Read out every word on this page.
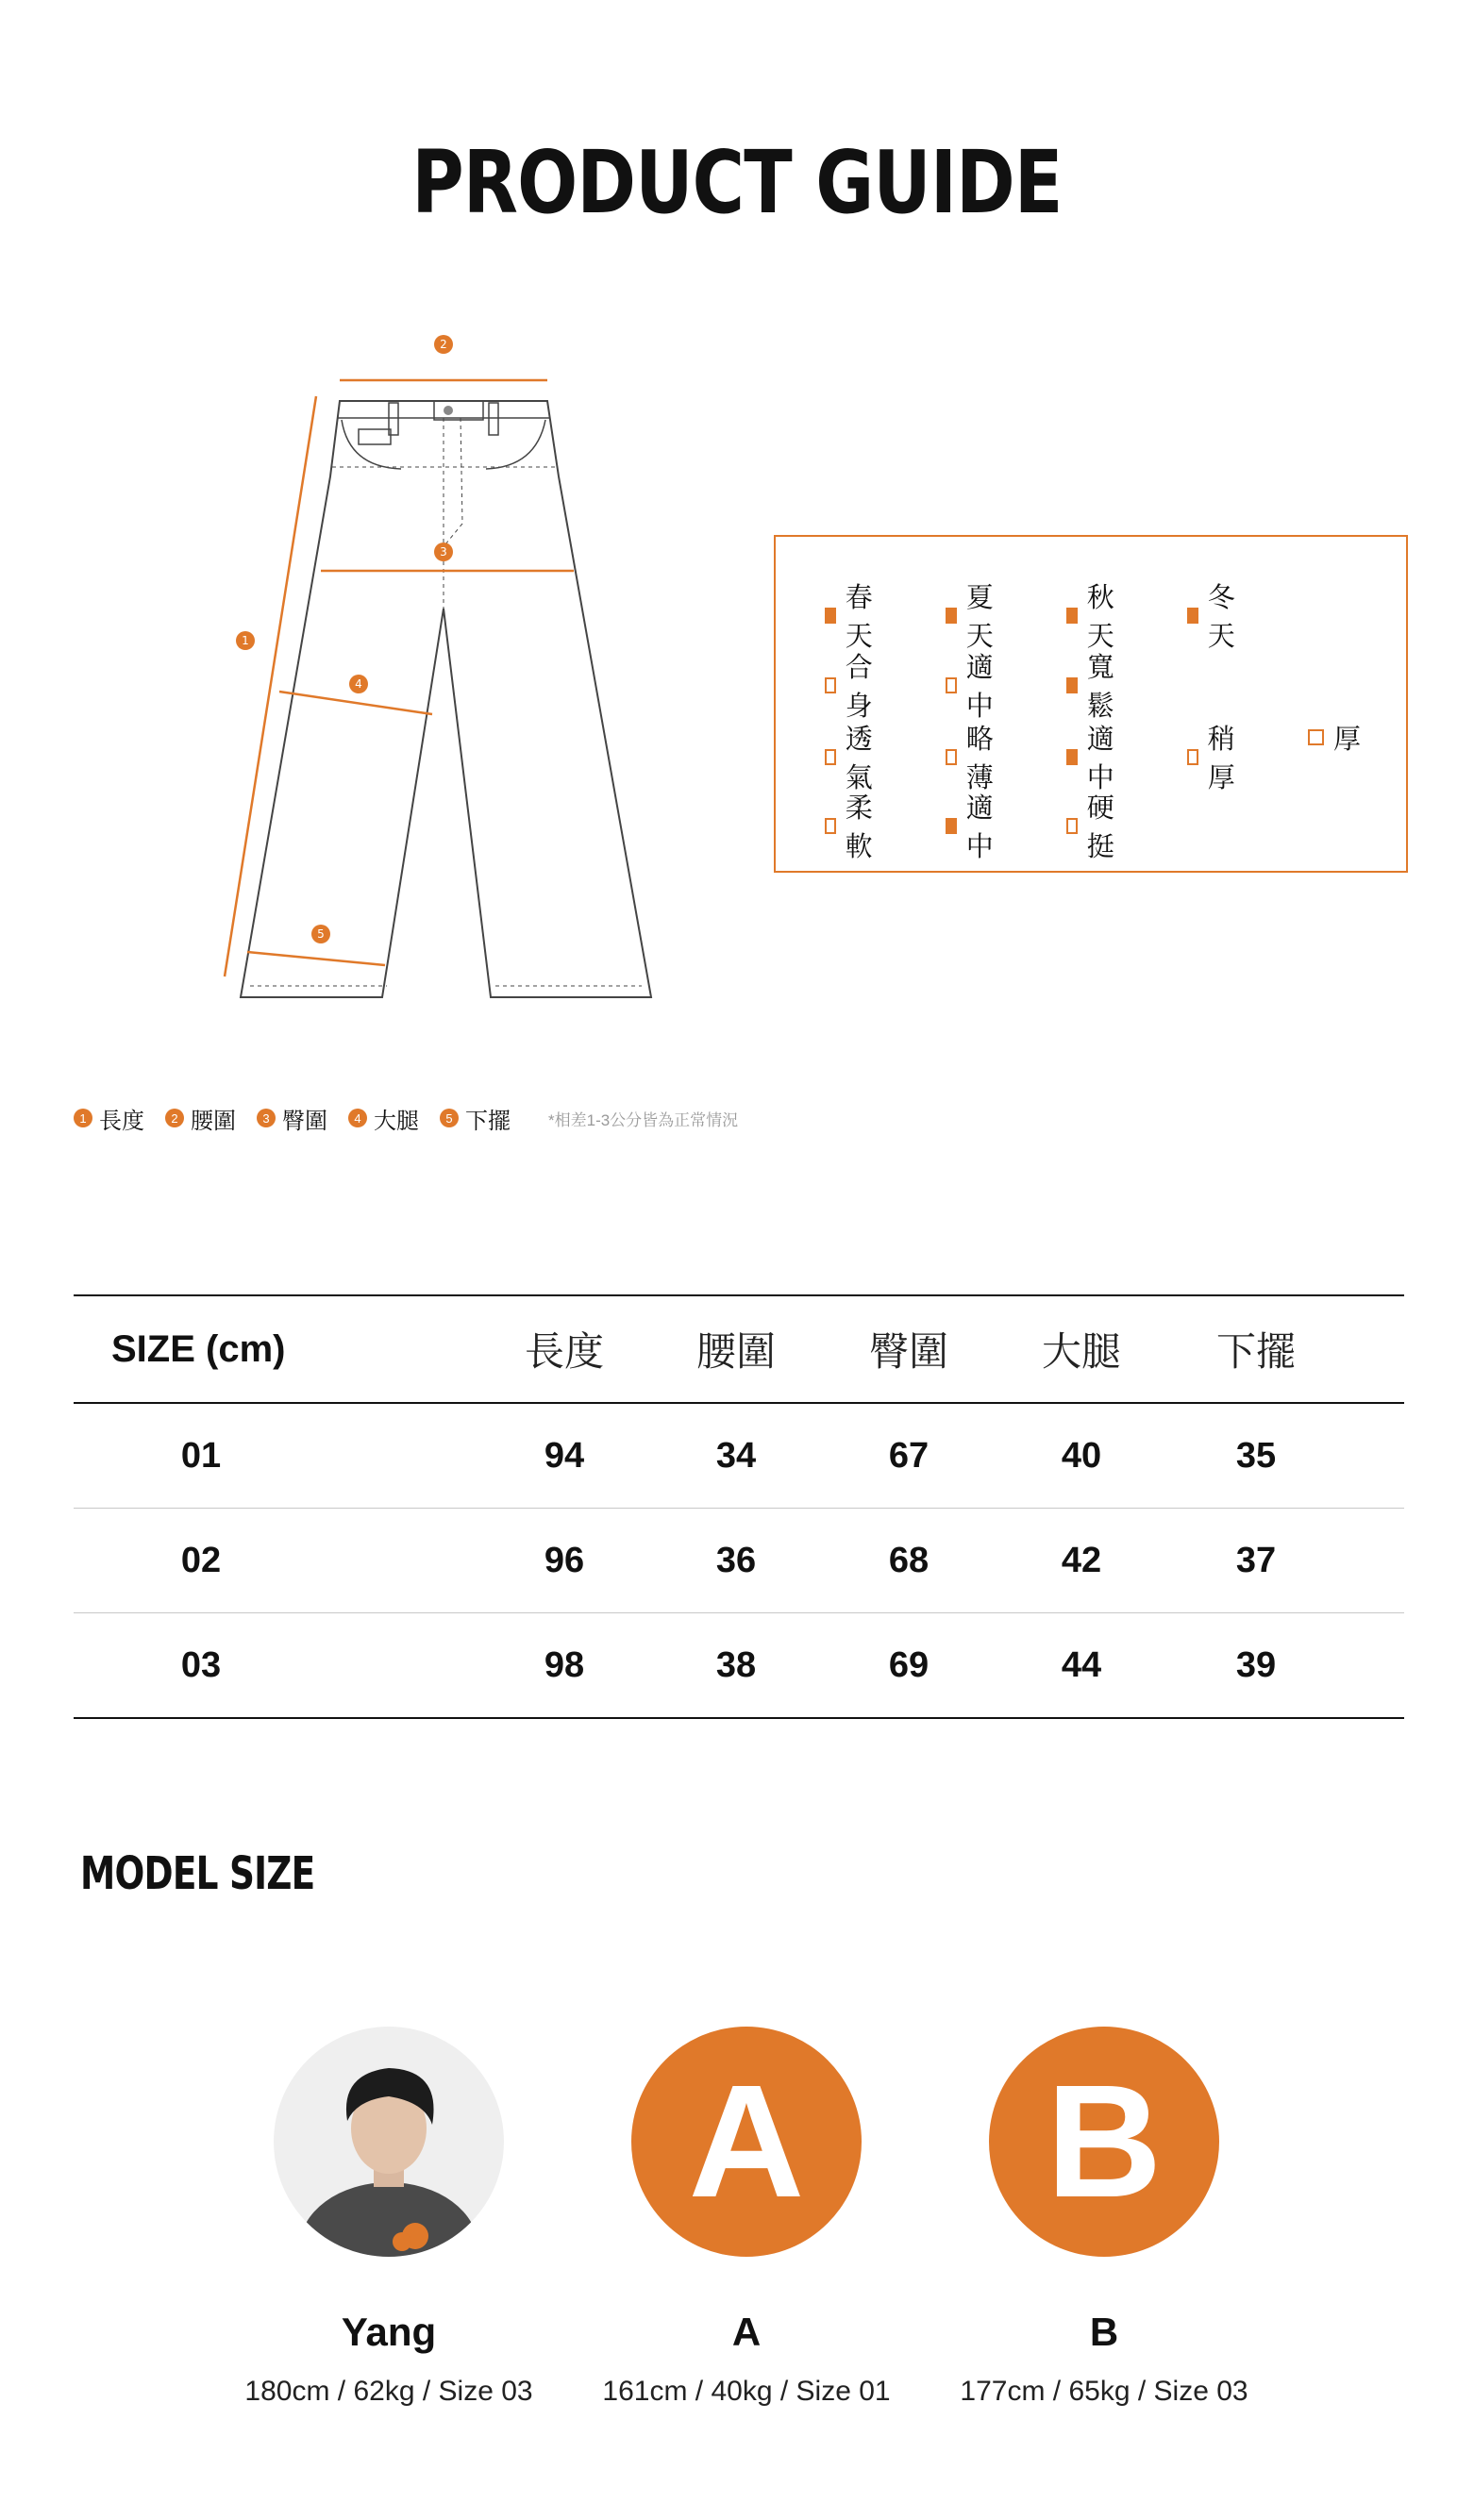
PRODUCT GUIDE
2
1
3
4
5
春天
夏天
秋天
冬天
合身
適中
寬鬆
透氣
略薄
適中
稍厚
厚
柔軟
適中
硬挺
1 長度	2 腰圍	3 臀圍	4 大腿	5 下擺 *相差1-3公分皆為正常情況
SIZE (cm)	長度	腰圍	臀圍	大腿	下擺
01	94	34	67	40	35
02	96	36	68	42	37
03	98	38	69	44	39
MODEL SIZE
Yang
180cm / 62kg / Size 03
A
A
161cm / 40kg / Size 01
B
B
177cm / 65kg / Size 03
